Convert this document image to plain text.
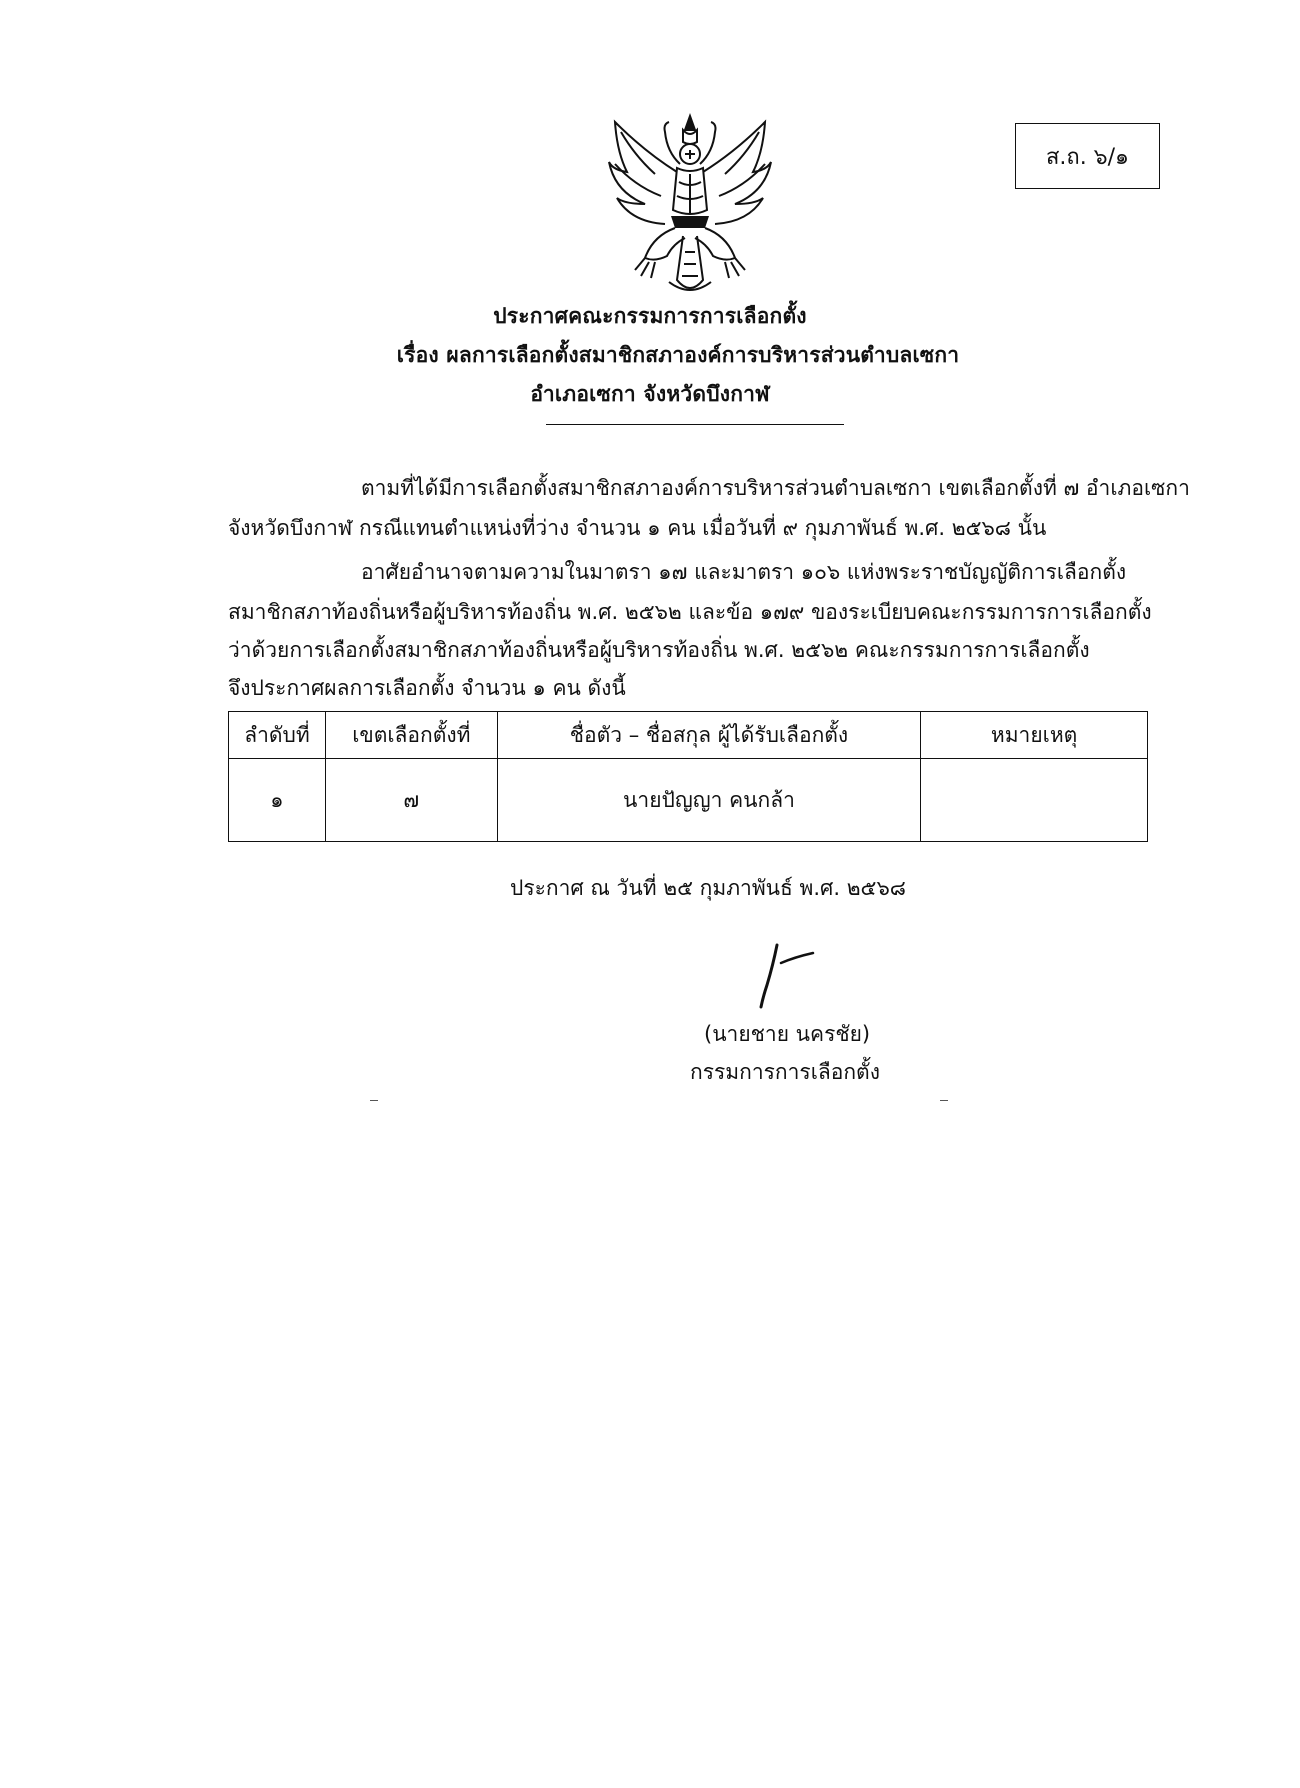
ส.ถ. ๖/๑
ประกาศคณะกรรมการการเลือกตั้ง
เรื่อง ผลการเลือกตั้งสมาชิกสภาองค์การบริหารส่วนตำบลเซกา
อำเภอเซกา จังหวัดบึงกาฬ
ตามที่ได้มีการเลือกตั้งสมาชิกสภาองค์การบริหารส่วนตำบลเซกา เขตเลือกตั้งที่ ๗ อำเภอเซกา
จังหวัดบึงกาฬ กรณีแทนตำแหน่งที่ว่าง จำนวน ๑ คน เมื่อวันที่ ๙ กุมภาพันธ์ พ.ศ. ๒๕๖๘ นั้น
อาศัยอำนาจตามความในมาตรา ๑๗ และมาตรา ๑๐๖ แห่งพระราชบัญญัติการเลือกตั้ง
สมาชิกสภาท้องถิ่นหรือผู้บริหารท้องถิ่น พ.ศ. ๒๕๖๒ และข้อ ๑๗๙ ของระเบียบคณะกรรมการการเลือกตั้ง
ว่าด้วยการเลือกตั้งสมาชิกสภาท้องถิ่นหรือผู้บริหารท้องถิ่น พ.ศ. ๒๕๖๒ คณะกรรมการการเลือกตั้ง
จึงประกาศผลการเลือกตั้ง จำนวน ๑ คน ดังนี้
ลำดับที่	เขตเลือกตั้งที่	ชื่อตัว – ชื่อสกุล ผู้ได้รับเลือกตั้ง	หมายเหตุ
๑	๗	นายปัญญา คนกล้า	
ประกาศ ณ วันที่ ๒๕ กุมภาพันธ์ พ.ศ. ๒๕๖๘
(นายชาย นครชัย)
กรรมการการเลือกตั้ง
